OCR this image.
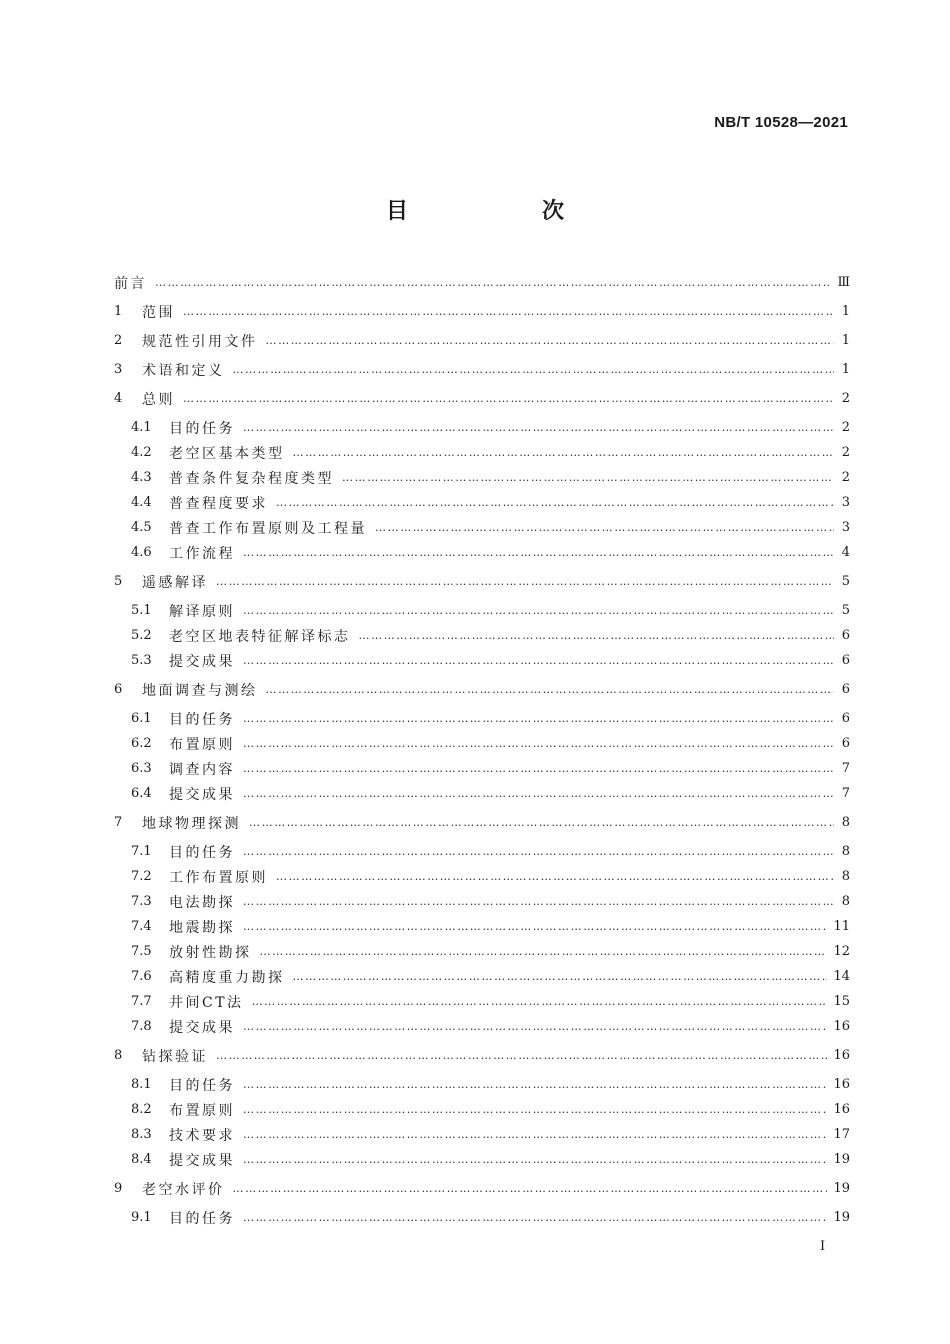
NB/T 10528—2021
目　次
前言 ……………………………………………………………………………………………………………………………………………………………………………………………………………………………………	Ⅲ
1	范围 ……………………………………………………………………………………………………………………………………………………………………………………………………………………………………	1
2	规范性引用文件 ……………………………………………………………………………………………………………………………………………………………………………………………………………………………………	1
3	术语和定义 ……………………………………………………………………………………………………………………………………………………………………………………………………………………………………	1
4	总则 ……………………………………………………………………………………………………………………………………………………………………………………………………………………………………	2
4.1	目的任务 ……………………………………………………………………………………………………………………………………………………………………………………………………………………………………	2
4.2	老空区基本类型 ……………………………………………………………………………………………………………………………………………………………………………………………………………………………………	2
4.3	普查条件复杂程度类型 ……………………………………………………………………………………………………………………………………………………………………………………………………………………………………	2
4.4	普查程度要求 ……………………………………………………………………………………………………………………………………………………………………………………………………………………………………	3
4.5	普查工作布置原则及工程量 ……………………………………………………………………………………………………………………………………………………………………………………………………………………………………	3
4.6	工作流程 ……………………………………………………………………………………………………………………………………………………………………………………………………………………………………	4
5	遥感解译 ……………………………………………………………………………………………………………………………………………………………………………………………………………………………………	5
5.1	解译原则 ……………………………………………………………………………………………………………………………………………………………………………………………………………………………………	5
5.2	老空区地表特征解译标志 ……………………………………………………………………………………………………………………………………………………………………………………………………………………………………	6
5.3	提交成果 ……………………………………………………………………………………………………………………………………………………………………………………………………………………………………	6
6	地面调查与测绘 ……………………………………………………………………………………………………………………………………………………………………………………………………………………………………	6
6.1	目的任务 ……………………………………………………………………………………………………………………………………………………………………………………………………………………………………	6
6.2	布置原则 ……………………………………………………………………………………………………………………………………………………………………………………………………………………………………	6
6.3	调查内容 ……………………………………………………………………………………………………………………………………………………………………………………………………………………………………	7
6.4	提交成果 ……………………………………………………………………………………………………………………………………………………………………………………………………………………………………	7
7	地球物理探测 ……………………………………………………………………………………………………………………………………………………………………………………………………………………………………	8
7.1	目的任务 ……………………………………………………………………………………………………………………………………………………………………………………………………………………………………	8
7.2	工作布置原则 ……………………………………………………………………………………………………………………………………………………………………………………………………………………………………	8
7.3	电法勘探 ……………………………………………………………………………………………………………………………………………………………………………………………………………………………………	8
7.4	地震勘探 ……………………………………………………………………………………………………………………………………………………………………………………………………………………………………	11
7.5	放射性勘探 ……………………………………………………………………………………………………………………………………………………………………………………………………………………………………	12
7.6	高精度重力勘探 ……………………………………………………………………………………………………………………………………………………………………………………………………………………………………	14
7.7	井间CT法 ……………………………………………………………………………………………………………………………………………………………………………………………………………………………………	15
7.8	提交成果 ……………………………………………………………………………………………………………………………………………………………………………………………………………………………………	16
8	钻探验证 ……………………………………………………………………………………………………………………………………………………………………………………………………………………………………	16
8.1	目的任务 ……………………………………………………………………………………………………………………………………………………………………………………………………………………………………	16
8.2	布置原则 ……………………………………………………………………………………………………………………………………………………………………………………………………………………………………	16
8.3	技术要求 ……………………………………………………………………………………………………………………………………………………………………………………………………………………………………	17
8.4	提交成果 ……………………………………………………………………………………………………………………………………………………………………………………………………………………………………	19
9	老空水评价 ……………………………………………………………………………………………………………………………………………………………………………………………………………………………………	19
9.1	目的任务 ……………………………………………………………………………………………………………………………………………………………………………………………………………………………………	19
I
